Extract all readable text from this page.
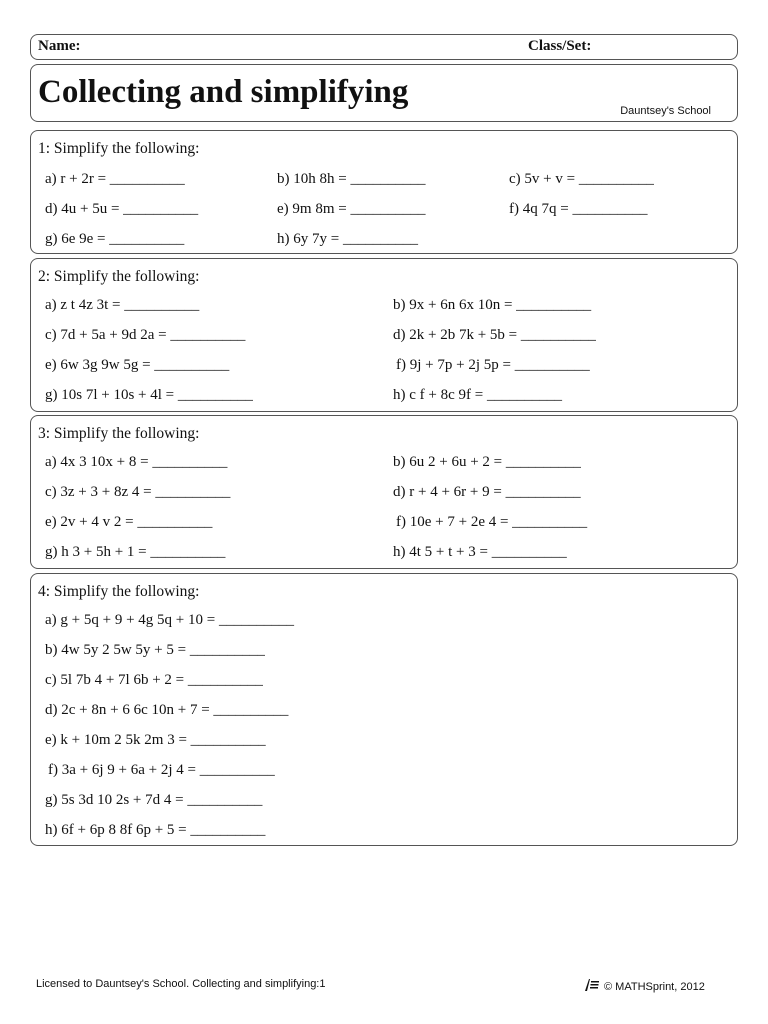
Name:	Class/Set:
Collecting and simplifying
Dauntsey's School
1: Simplify the following:
a) r + 2r = __________	b) 10h 8h = __________	c) 5v + v = __________
d) 4u + 5u = __________	e) 9m 8m = __________	f) 4q 7q = __________
g) 6e 9e = __________	h) 6y 7y = __________
2: Simplify the following:
a) z t 4z 3t = __________	b) 9x + 6n 6x 10n = __________
c) 7d + 5a + 9d 2a = __________	d) 2k + 2b 7k + 5b = __________
e) 6w 3g 9w 5g = __________	f) 9j + 7p + 2j 5p = __________
g) 10s 7l + 10s + 4l = __________	h) c f + 8c 9f = __________
3: Simplify the following:
a) 4x 3 10x + 8 = __________	b) 6u 2 + 6u + 2 = __________
c) 3z + 3 + 8z 4 = __________	d) r + 4 + 6r + 9 = __________
e) 2v + 4 v 2 = __________	f) 10e + 7 + 2e 4 = __________
g) h 3 + 5h + 1 = __________	h) 4t 5 + t + 3 = __________
4: Simplify the following:
a) g + 5q + 9 + 4g 5q + 10 = __________
b) 4w 5y 2 5w 5y + 5 = __________
c) 5l 7b 4 + 7l 6b + 2 = __________
d) 2c + 8n + 6 6c 10n + 7 = __________
e) k + 10m 2 5k 2m 3 = __________
f) 3a + 6j 9 + 6a + 2j 4 = __________
g) 5s 3d 10 2s + 7d 4 = __________
h) 6f + 6p 8 8f 6p + 5 = __________
Licensed to Dauntsey's School. Collecting and simplifying:1	© MATHSprint, 2012
